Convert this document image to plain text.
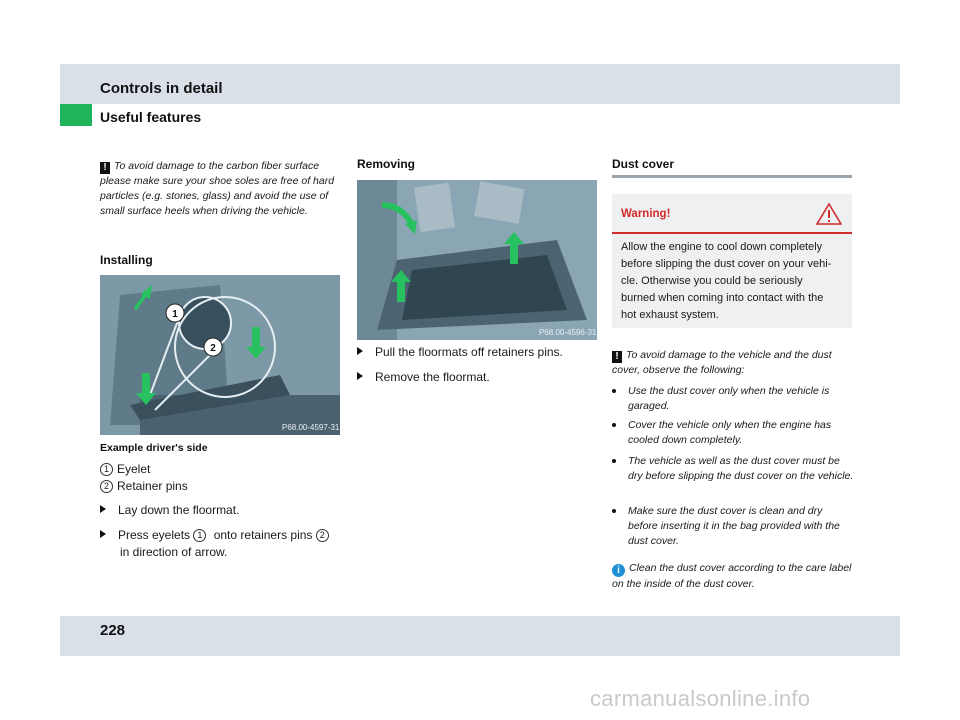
Controls in detail
Useful features
! To avoid damage to the carbon fiber surface please make sure your shoe soles are free of hard particles (e.g. stones, glass) and avoid the use of small surface heels when driving the vehicle.
Installing
1
2
P68.00-4597-31
Example driver's side
1 Eyelet
2 Retainer pins
Lay down the floormat.
Press eyelets 1 onto retainers pins 2
in direction of arrow.
Removing
P68.00-4596-31
Pull the floormats off retainers pins.
Remove the floormat.
Dust cover
Warning!
Allow the engine to cool down completely
before slipping the dust cover on your vehi-
cle. Otherwise you could be seriously
burned when coming into contact with the
hot exhaust system.
! To avoid damage to the vehicle and the dust cover, observe the following:
Use the dust cover only when the vehicle is garaged.
Cover the vehicle only when the engine has cooled down completely.
The vehicle as well as the dust cover must be dry before slipping the dust cover on the vehicle.
Make sure the dust cover is clean and dry before inserting it in the bag provided with the dust cover.
i Clean the dust cover according to the care label on the inside of the dust cover.
228
carmanualsonline.info
